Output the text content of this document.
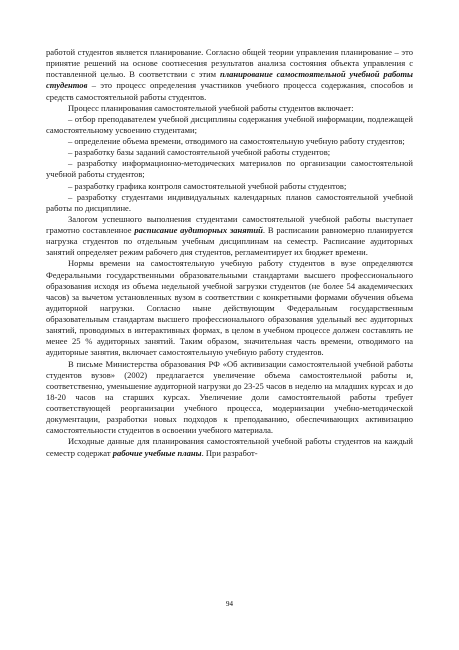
работой студентов является планирование. Согласно общей теории управления планирование – это принятие решений на основе соотнесения результатов анализа состояния объекта управления с поставленной целью. В соответствии с этим планирование самостоятельной учебной работы студентов – это процесс определения участников учебного процесса содержания, способов и средств самостоятельной работы студентов.

Процесс планирования самостоятельной учебной работы студентов включает:

– отбор преподавателем учебной дисциплины содержания учебной информации, подлежащей самостоятельному усвоению студентами;

– определение объема времени, отводимого на самостоятельную учебную работу студентов;

– разработку базы заданий самостоятельной учебной работы студентов;

– разработку информационно-методических материалов по организации самостоятельной учебной работы студентов;

– разработку графика контроля самостоятельной учебной работы студентов;

– разработку студентами индивидуальных календарных планов самостоятельной учебной работы по дисциплине.

Залогом успешного выполнения студентами самостоятельной учебной работы выступает грамотно составленное расписание аудиторных занятий. В расписании равномерно планируется нагрузка студентов по отдельным учебным дисциплинам на семестр. Расписание аудиторных занятий определяет режим рабочего дня студентов, регламентирует их бюджет времени.

Нормы времени на самостоятельную учебную работу студентов в вузе определяются Федеральными государственными образовательными стандартами высшего профессионального образования исходя из объема недельной учебной загрузки студентов (не более 54 академических часов) за вычетом установленных вузом в соответствии с конкретными формами обучения объема аудиторной нагрузки. Согласно ныне действующим Федеральным государственным образовательным стандартам высшего профессионального образования удельный вес аудиторных занятий, проводимых в интерактивных формах, в целом в учебном процессе должен составлять не менее 25 % аудиторных занятий. Таким образом, значительная часть времени, отводимого на аудиторные занятия, включает самостоятельную учебную работу студентов.

В письме Министерства образования РФ «Об активизации самостоятельной учебной работы студентов вузов» (2002) предлагается увеличение объема самостоятельной работы и, соответственно, уменьшение аудиторной нагрузки до 23-25 часов в неделю на младших курсах и до 18-20 часов на старших курсах. Увеличение доли самостоятельной работы требует соответствующей реорганизации учебного процесса, модернизации учебно-методической документации, разработки новых подходов к преподаванию, обеспечивающих активизацию самостоятельности студентов в освоении учебного материала.

Исходные данные для планирования самостоятельной учебной работы студентов на каждый семестр содержат рабочие учебные планы. При разработ-

94
